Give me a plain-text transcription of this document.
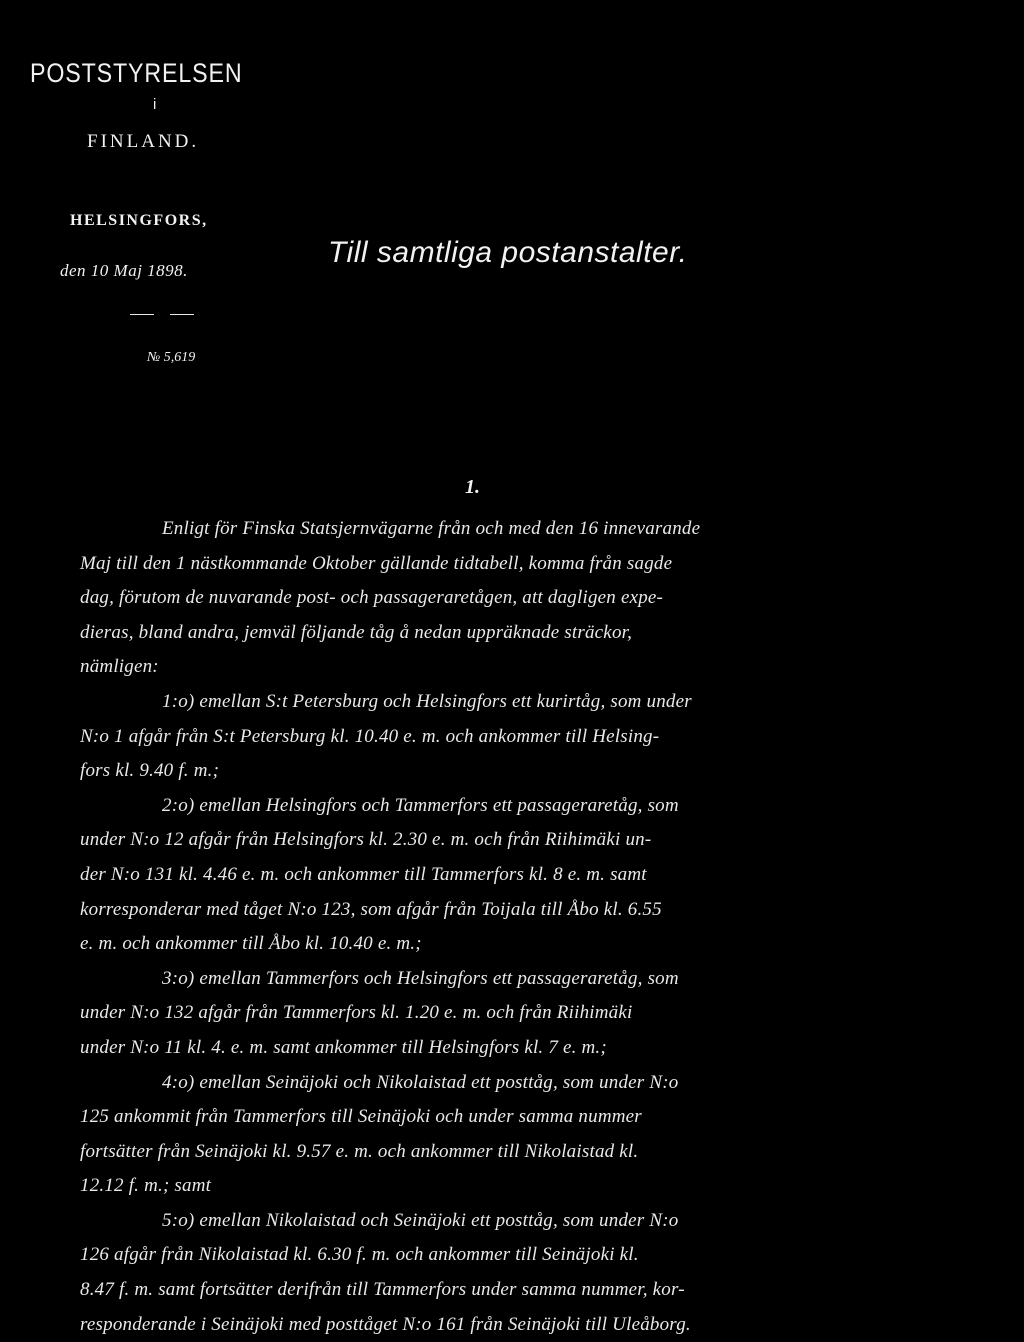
POSTSTYRELSEN
i
FINLAND.
HELSINGFORS,
den 10 Maj 1898.
№ 5,619
Till samtliga postanstalter.
1.
Enligt för Finska Statsjernvägarne från och med den 16 innevarande
Maj till den 1 nästkommande Oktober gällande tidtabell, komma från sagde
dag, förutom de nuvarande post- och passageraretågen, att dagligen expe-
dieras, bland andra, jemväl följande tåg å nedan uppräknade sträckor,
nämligen:
1:o) emellan S:t Petersburg och Helsingfors ett kurirtåg, som under
N:o 1 afgår från S:t Petersburg kl. 10.40 e. m. och ankommer till Helsing-
fors kl. 9.40 f. m.;
2:o) emellan Helsingfors och Tammerfors ett passageraretåg, som
under N:o 12 afgår från Helsingfors kl. 2.30 e. m. och från Riihimäki un-
der N:o 131 kl. 4.46 e. m. och ankommer till Tammerfors kl. 8 e. m. samt
korresponderar med tåget N:o 123, som afgår från Toijala till Åbo kl. 6.55
e. m. och ankommer till Åbo kl. 10.40 e. m.;
3:o) emellan Tammerfors och Helsingfors ett passageraretåg, som
under N:o 132 afgår från Tammerfors kl. 1.20 e. m. och från Riihimäki
under N:o 11 kl. 4. e. m. samt ankommer till Helsingfors kl. 7 e. m.;
4:o) emellan Seinäjoki och Nikolaistad ett posttåg, som under N:o
125 ankommit från Tammerfors till Seinäjoki och under samma nummer
fortsätter från Seinäjoki kl. 9.57 e. m. och ankommer till Nikolaistad kl.
12.12 f. m.; samt
5:o) emellan Nikolaistad och Seinäjoki ett posttåg, som under N:o
126 afgår från Nikolaistad kl. 6.30 f. m. och ankommer till Seinäjoki kl.
8.47 f. m. samt fortsätter derifrån till Tammerfors under samma nummer, kor-
responderande i Seinäjoki med posttåget N:o 161 från Seinäjoki till Uleåborg.
